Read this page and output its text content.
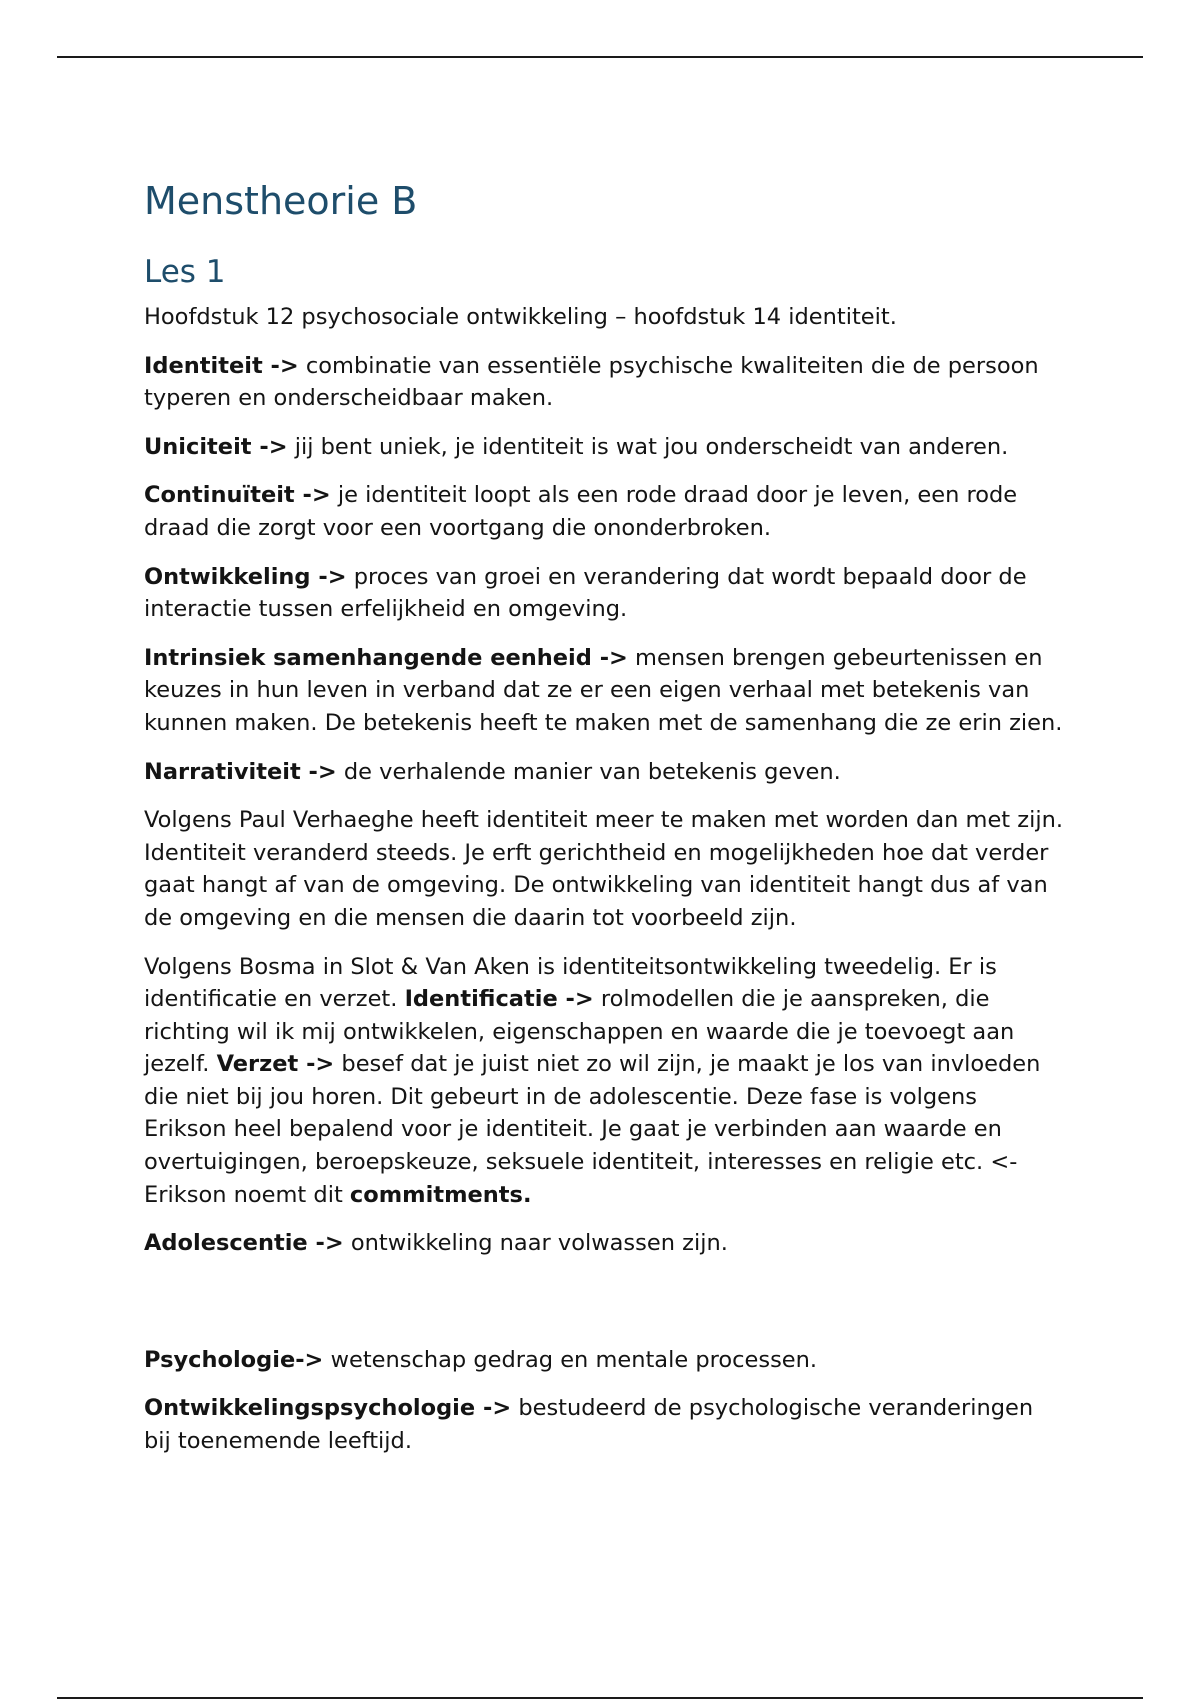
Menstheorie B
Les 1

Hoofdstuk 12 psychosociale ontwikkeling – hoofdstuk 14 identiteit.

Identiteit -> combinatie van essentiële psychische kwaliteiten die de persoon typeren en onderscheidbaar maken.

Uniciteit -> jij bent uniek, je identiteit is wat jou onderscheidt van anderen.

Continuïteit -> je identiteit loopt als een rode draad door je leven, een rode draad die zorgt voor een voortgang die ononderbroken.

Ontwikkeling -> proces van groei en verandering dat wordt bepaald door de interactie tussen erfelijkheid en omgeving.

Intrinsiek samenhangende eenheid -> mensen brengen gebeurtenissen en keuzes in hun leven in verband dat ze er een eigen verhaal met betekenis van kunnen maken. De betekenis heeft te maken met de samenhang die ze erin zien.

Narrativiteit -> de verhalende manier van betekenis geven.

Volgens Paul Verhaeghe heeft identiteit meer te maken met worden dan met zijn. Identiteit veranderd steeds. Je erft gerichtheid en mogelijkheden hoe dat verder gaat hangt af van de omgeving. De ontwikkeling van identiteit hangt dus af van de omgeving en die mensen die daarin tot voorbeeld zijn.

Volgens Bosma in Slot & Van Aken is identiteitsontwikkeling tweedelig. Er is identificatie en verzet. Identificatie -> rolmodellen die je aanspreken, die richting wil ik mij ontwikkelen, eigenschappen en waarde die je toevoegt aan jezelf. Verzet -> besef dat je juist niet zo wil zijn, je maakt je los van invloeden die niet bij jou horen. Dit gebeurt in de adolescentie. Deze fase is volgens Erikson heel bepalend voor je identiteit. Je gaat je verbinden aan waarde en overtuigingen, beroepskeuze, seksuele identiteit, interesses en religie etc. <- Erikson noemt dit commitments.

Adolescentie -> ontwikkeling naar volwassen zijn.

Psychologie-> wetenschap gedrag en mentale processen.

Ontwikkelingspsychologie -> bestudeerd de psychologische veranderingen bij toenemende leeftijd.
